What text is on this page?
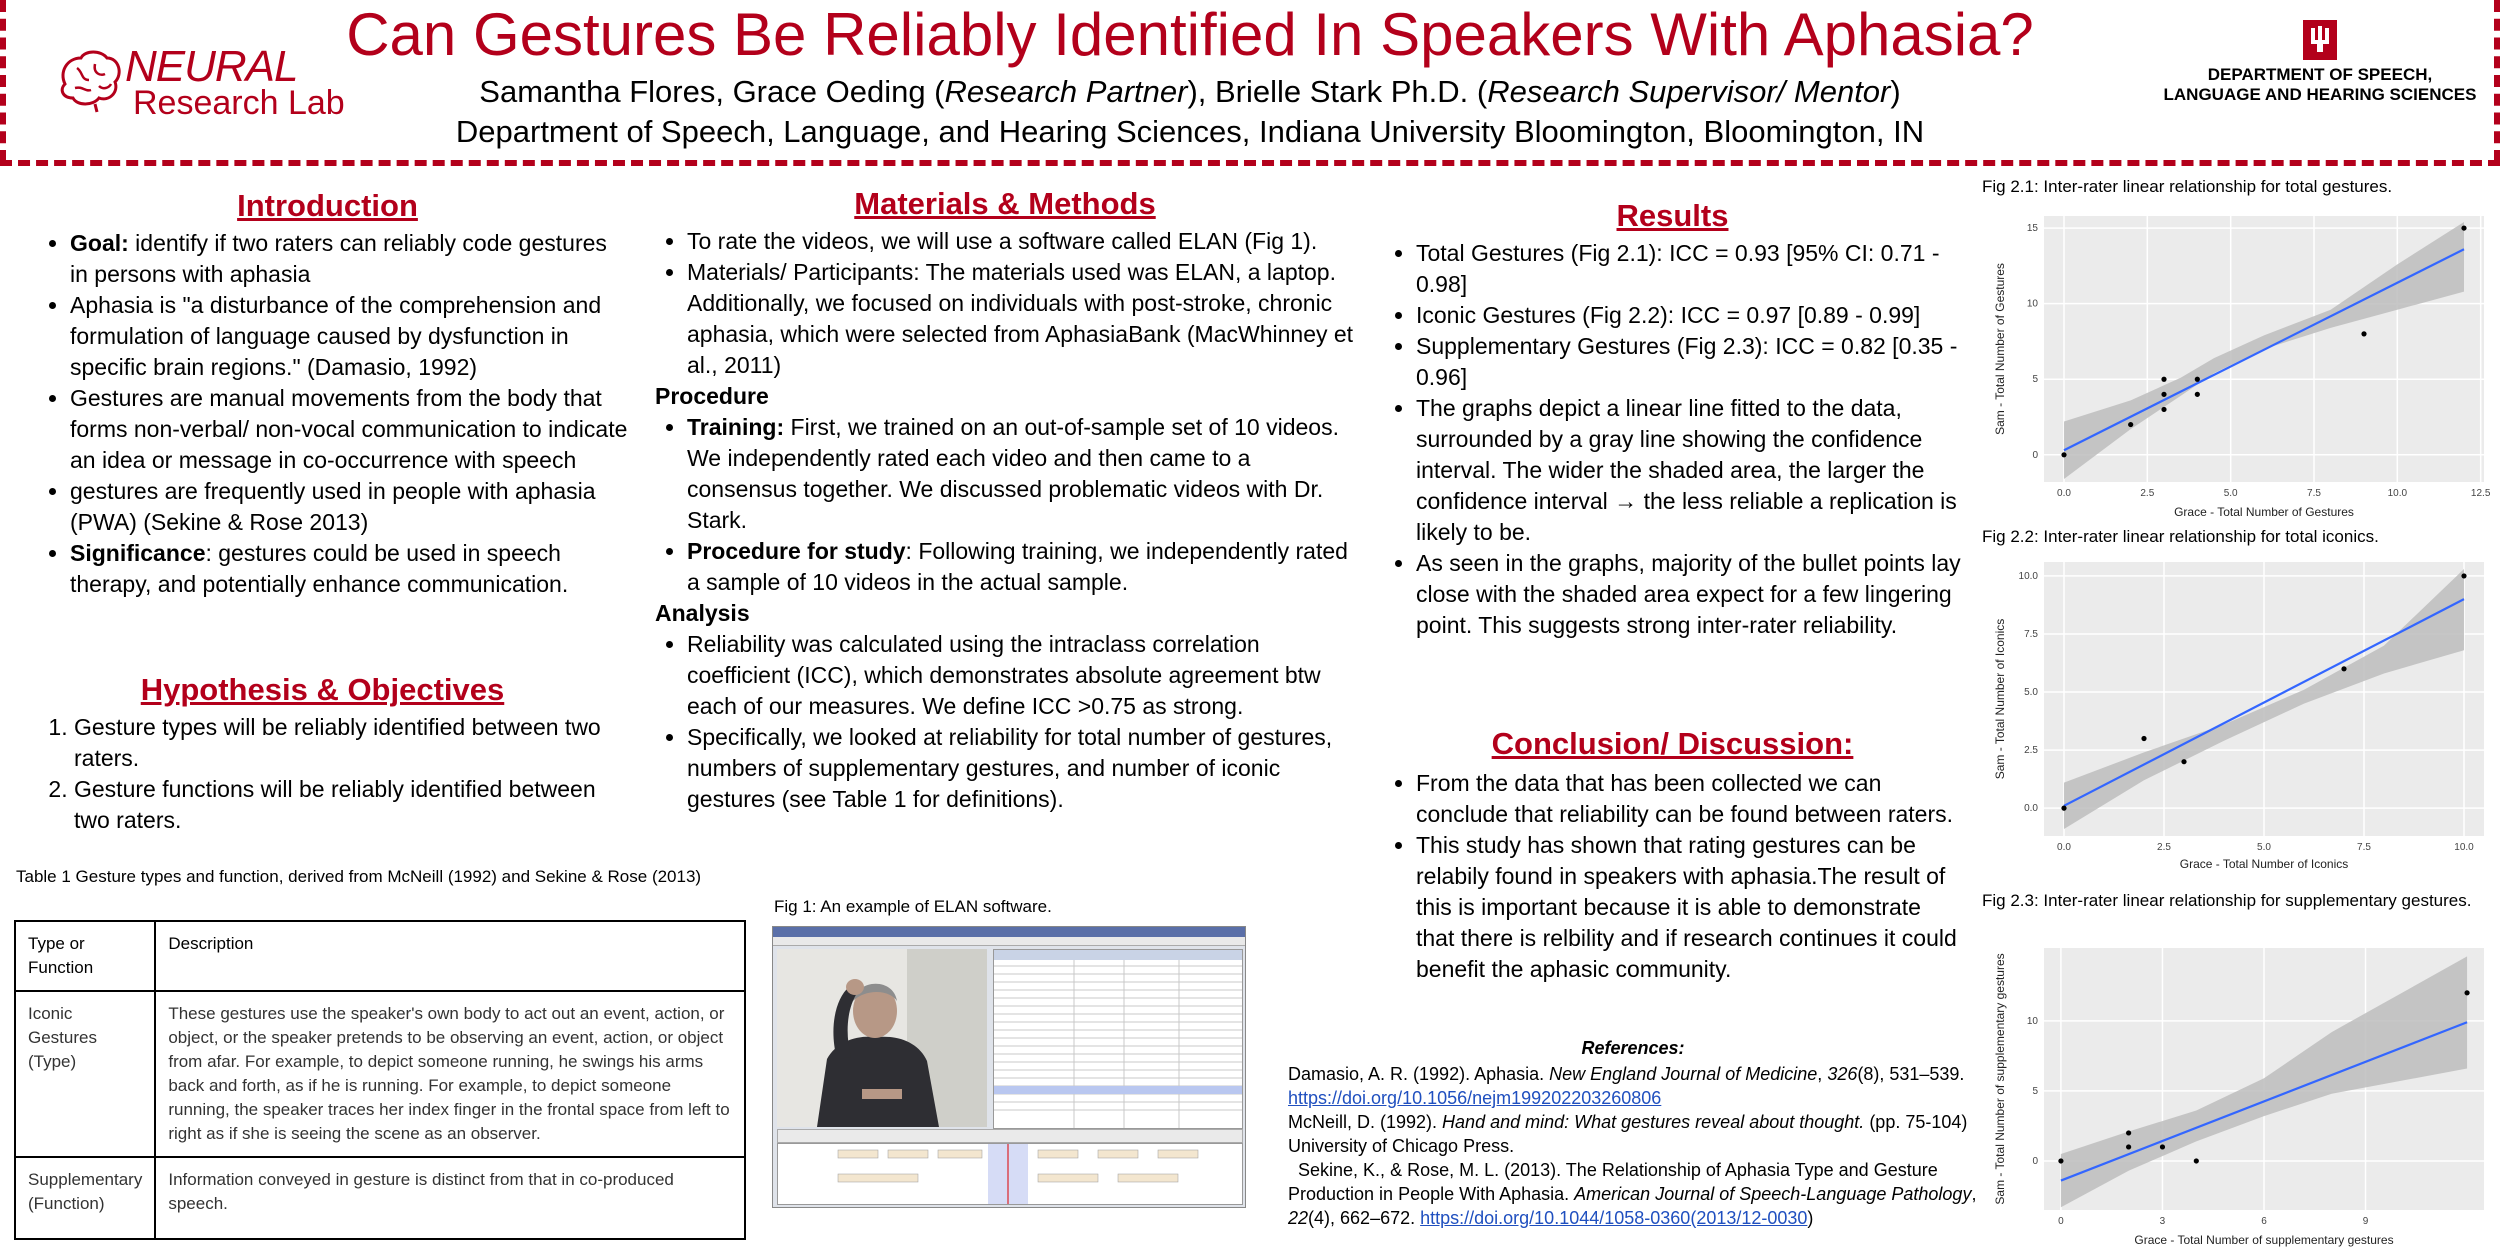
NEURAL
Research Lab
Can Gestures Be Reliably Identified In Speakers With Aphasia?
Samantha Flores, Grace Oeding (Research Partner), Brielle Stark Ph.D. (Research Supervisor/ Mentor)
Department of Speech, Language, and Hearing Sciences, Indiana University Bloomington, Bloomington, IN
DEPARTMENT OF SPEECH,
LANGUAGE AND HEARING SCIENCES
Introduction
• Goal: identify if two raters can reliably code gestures in persons with aphasia
• Aphasia is "a disturbance of the comprehension and formulation of language caused by dysfunction in specific brain regions." (Damasio, 1992)
• Gestures are manual movements from the body that forms non-verbal/ non-vocal communication to indicate an idea or message in co-occurrence with speech
• gestures are frequently used in people with aphasia (PWA) (Sekine & Rose 2013)
• Significance: gestures could be used in speech therapy, and potentially enhance communication.
Hypothesis & Objectives
1. Gesture types will be reliably identified between two raters.
2. Gesture functions will be reliably identified between two raters.
Table 1 Gesture types and function, derived from McNeill (1992) and Sekine & Rose (2013)
Type or Function	Description
Iconic Gestures (Type)	These gestures use the speaker's own body to act out an event, action, or object, or the speaker pretends to be observing an event, action, or object from afar. For example, to depict someone running, he swings his arms back and forth, as if he is running. For example, to depict someone running, the speaker traces her index finger in the frontal space from left to right as if she is seeing the scene as an observer.
Supplementary (Function)	Information conveyed in gesture is distinct from that in co-produced speech.
Materials & Methods
• To rate the videos, we will use a software called ELAN (Fig 1).
• Materials/ Participants: The materials used was ELAN, a laptop. Additionally, we focused on individuals with post-stroke, chronic aphasia, which were selected from AphasiaBank (MacWhinney et al., 2011)
Procedure
• Training: First, we trained on an out-of-sample set of 10 videos. We independently rated each video and then came to a consensus together. We discussed problematic videos with Dr. Stark.
• Procedure for study: Following training, we independently rated a sample of 10 videos in the actual sample.
Analysis
• Reliability was calculated using the intraclass correlation coefficient (ICC), which demonstrates absolute agreement btw each of our measures. We define ICC >0.75 as strong.
• Specifically, we looked at reliability for total number of gestures, numbers of supplementary gestures, and number of iconic gestures (see Table 1 for definitions).
Fig 1: An example of ELAN software.
Results
• Total Gestures (Fig 2.1): ICC = 0.93 [95% CI: 0.71 - 0.98]
• Iconic Gestures (Fig 2.2): ICC = 0.97 [0.89 - 0.99]
• Supplementary Gestures (Fig 2.3): ICC = 0.82 [0.35 - 0.96]
• The graphs depict a linear line fitted to the data, surrounded by a gray line showing the confidence interval. The wider the shaded area, the larger the confidence interval → the less reliable a replication is likely to be.
• As seen in the graphs, majority of the bullet points lay close with the shaded area expect for a few lingering point. This suggests strong inter-rater reliability.
Conclusion/ Discussion:
• From the data that has been collected we can conclude that reliability can be found between raters.
• This study has shown that rating gestures can be relabily found in speakers with aphasia.The result of this is important because it is able to demonstrate that there is relbility and if research continues it could benefit the aphasic community.
References:
Damasio, A. R. (1992). Aphasia. New England Journal of Medicine, 326(8), 531–539. https://doi.org/10.1056/nejm199202203260806
McNeill, D. (1992). Hand and mind: What gestures reveal about thought. (pp. 75-104) University of Chicago Press.
Sekine, K., & Rose, M. L. (2013). The Relationship of Aphasia Type and Gesture Production in People With Aphasia. American Journal of Speech-Language Pathology, 22(4), 662–672. https://doi.org/10.1044/1058-0360(2013/12-0030)
Fig 2.1: Inter-rater linear relationship for total gestures.
0.0	2.5	5.0	7.5	10.0	12.5
0
5
10
15
Grace - Total Number of Gestures
Sam - Total Number of Gestures
Fig 2.2: Inter-rater linear relationship for total iconics.
0.0	2.5	5.0	7.5	10.0
0.0
2.5
5.0
7.5
10.0
Grace - Total Number of Iconics
Sam - Total Number of Iconics
Fig 2.3: Inter-rater linear relationship for supplementary gestures.
0	3	6	9
0
5
10
Grace - Total Number of supplementary gestures
Sam - Total Number of supplementary gestures
